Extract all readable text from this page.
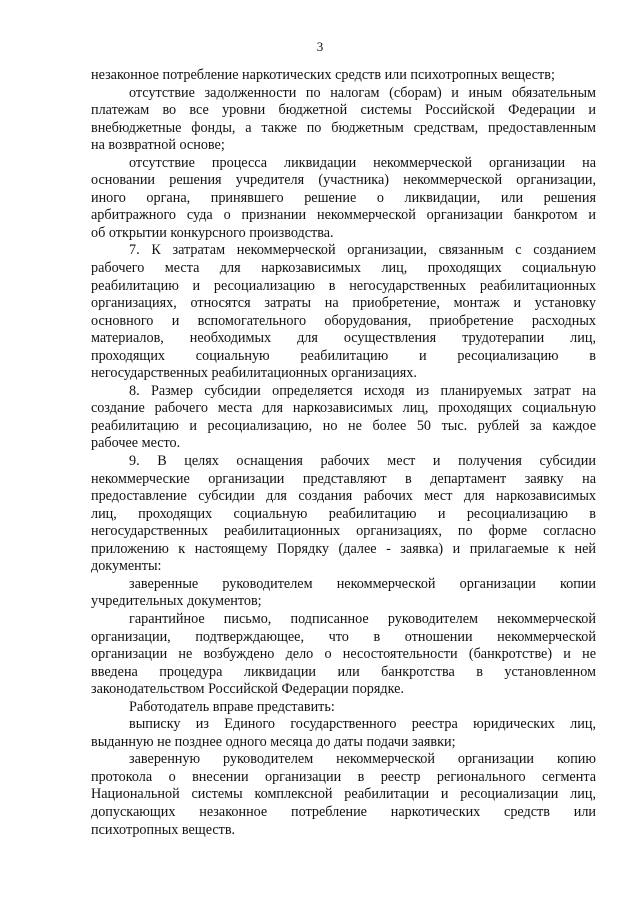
3
незаконное потребление наркотических средств или психотропных веществ;
отсутствие задолженности по налогам (сборам) и иным обязательным
платежам во все уровни бюджетной системы Российской Федерации и
внебюджетные фонды, а также по бюджетным средствам, предоставленным
на возвратной основе;
отсутствие процесса ликвидации некоммерческой организации на
основании решения учредителя (участника) некоммерческой организации,
иного органа, принявшего решение о ликвидации, или решения
арбитражного суда о признании некоммерческой организации банкротом и
об открытии конкурсного производства.
7. К затратам некоммерческой организации, связанным с созданием
рабочего места для наркозависимых лиц, проходящих социальную
реабилитацию и ресоциализацию в негосударственных реабилитационных
организациях, относятся затраты на приобретение, монтаж и установку
основного и вспомогательного оборудования, приобретение расходных
материалов, необходимых для осуществления трудотерапии лиц,
проходящих социальную реабилитацию и ресоциализацию в
негосударственных реабилитационных организациях.
8. Размер субсидии определяется исходя из планируемых затрат на
создание рабочего места для наркозависимых лиц, проходящих социальную
реабилитацию и ресоциализацию, но не более 50 тыс. рублей за каждое
рабочее место.
9. В целях оснащения рабочих мест и получения субсидии
некоммерческие организации представляют в департамент заявку на
предоставление субсидии для создания рабочих мест для наркозависимых
лиц, проходящих социальную реабилитацию и ресоциализацию в
негосударственных реабилитационных организациях, по форме согласно
приложению к настоящему Порядку (далее - заявка) и прилагаемые к ней
документы:
заверенные руководителем некоммерческой организации копии
учредительных документов;
гарантийное письмо, подписанное руководителем некоммерческой
организации, подтверждающее, что в отношении некоммерческой
организации не возбуждено дело о несостоятельности (банкротстве) и не
введена процедура ликвидации или банкротства в установленном
законодательством Российской Федерации порядке.
Работодатель вправе представить:
выписку из Единого государственного реестра юридических лиц,
выданную не позднее одного месяца до даты подачи заявки;
заверенную руководителем некоммерческой организации копию
протокола о внесении организации в реестр регионального сегмента
Национальной системы комплексной реабилитации и ресоциализации лиц,
допускающих незаконное потребление наркотических средств или
психотропных веществ.
